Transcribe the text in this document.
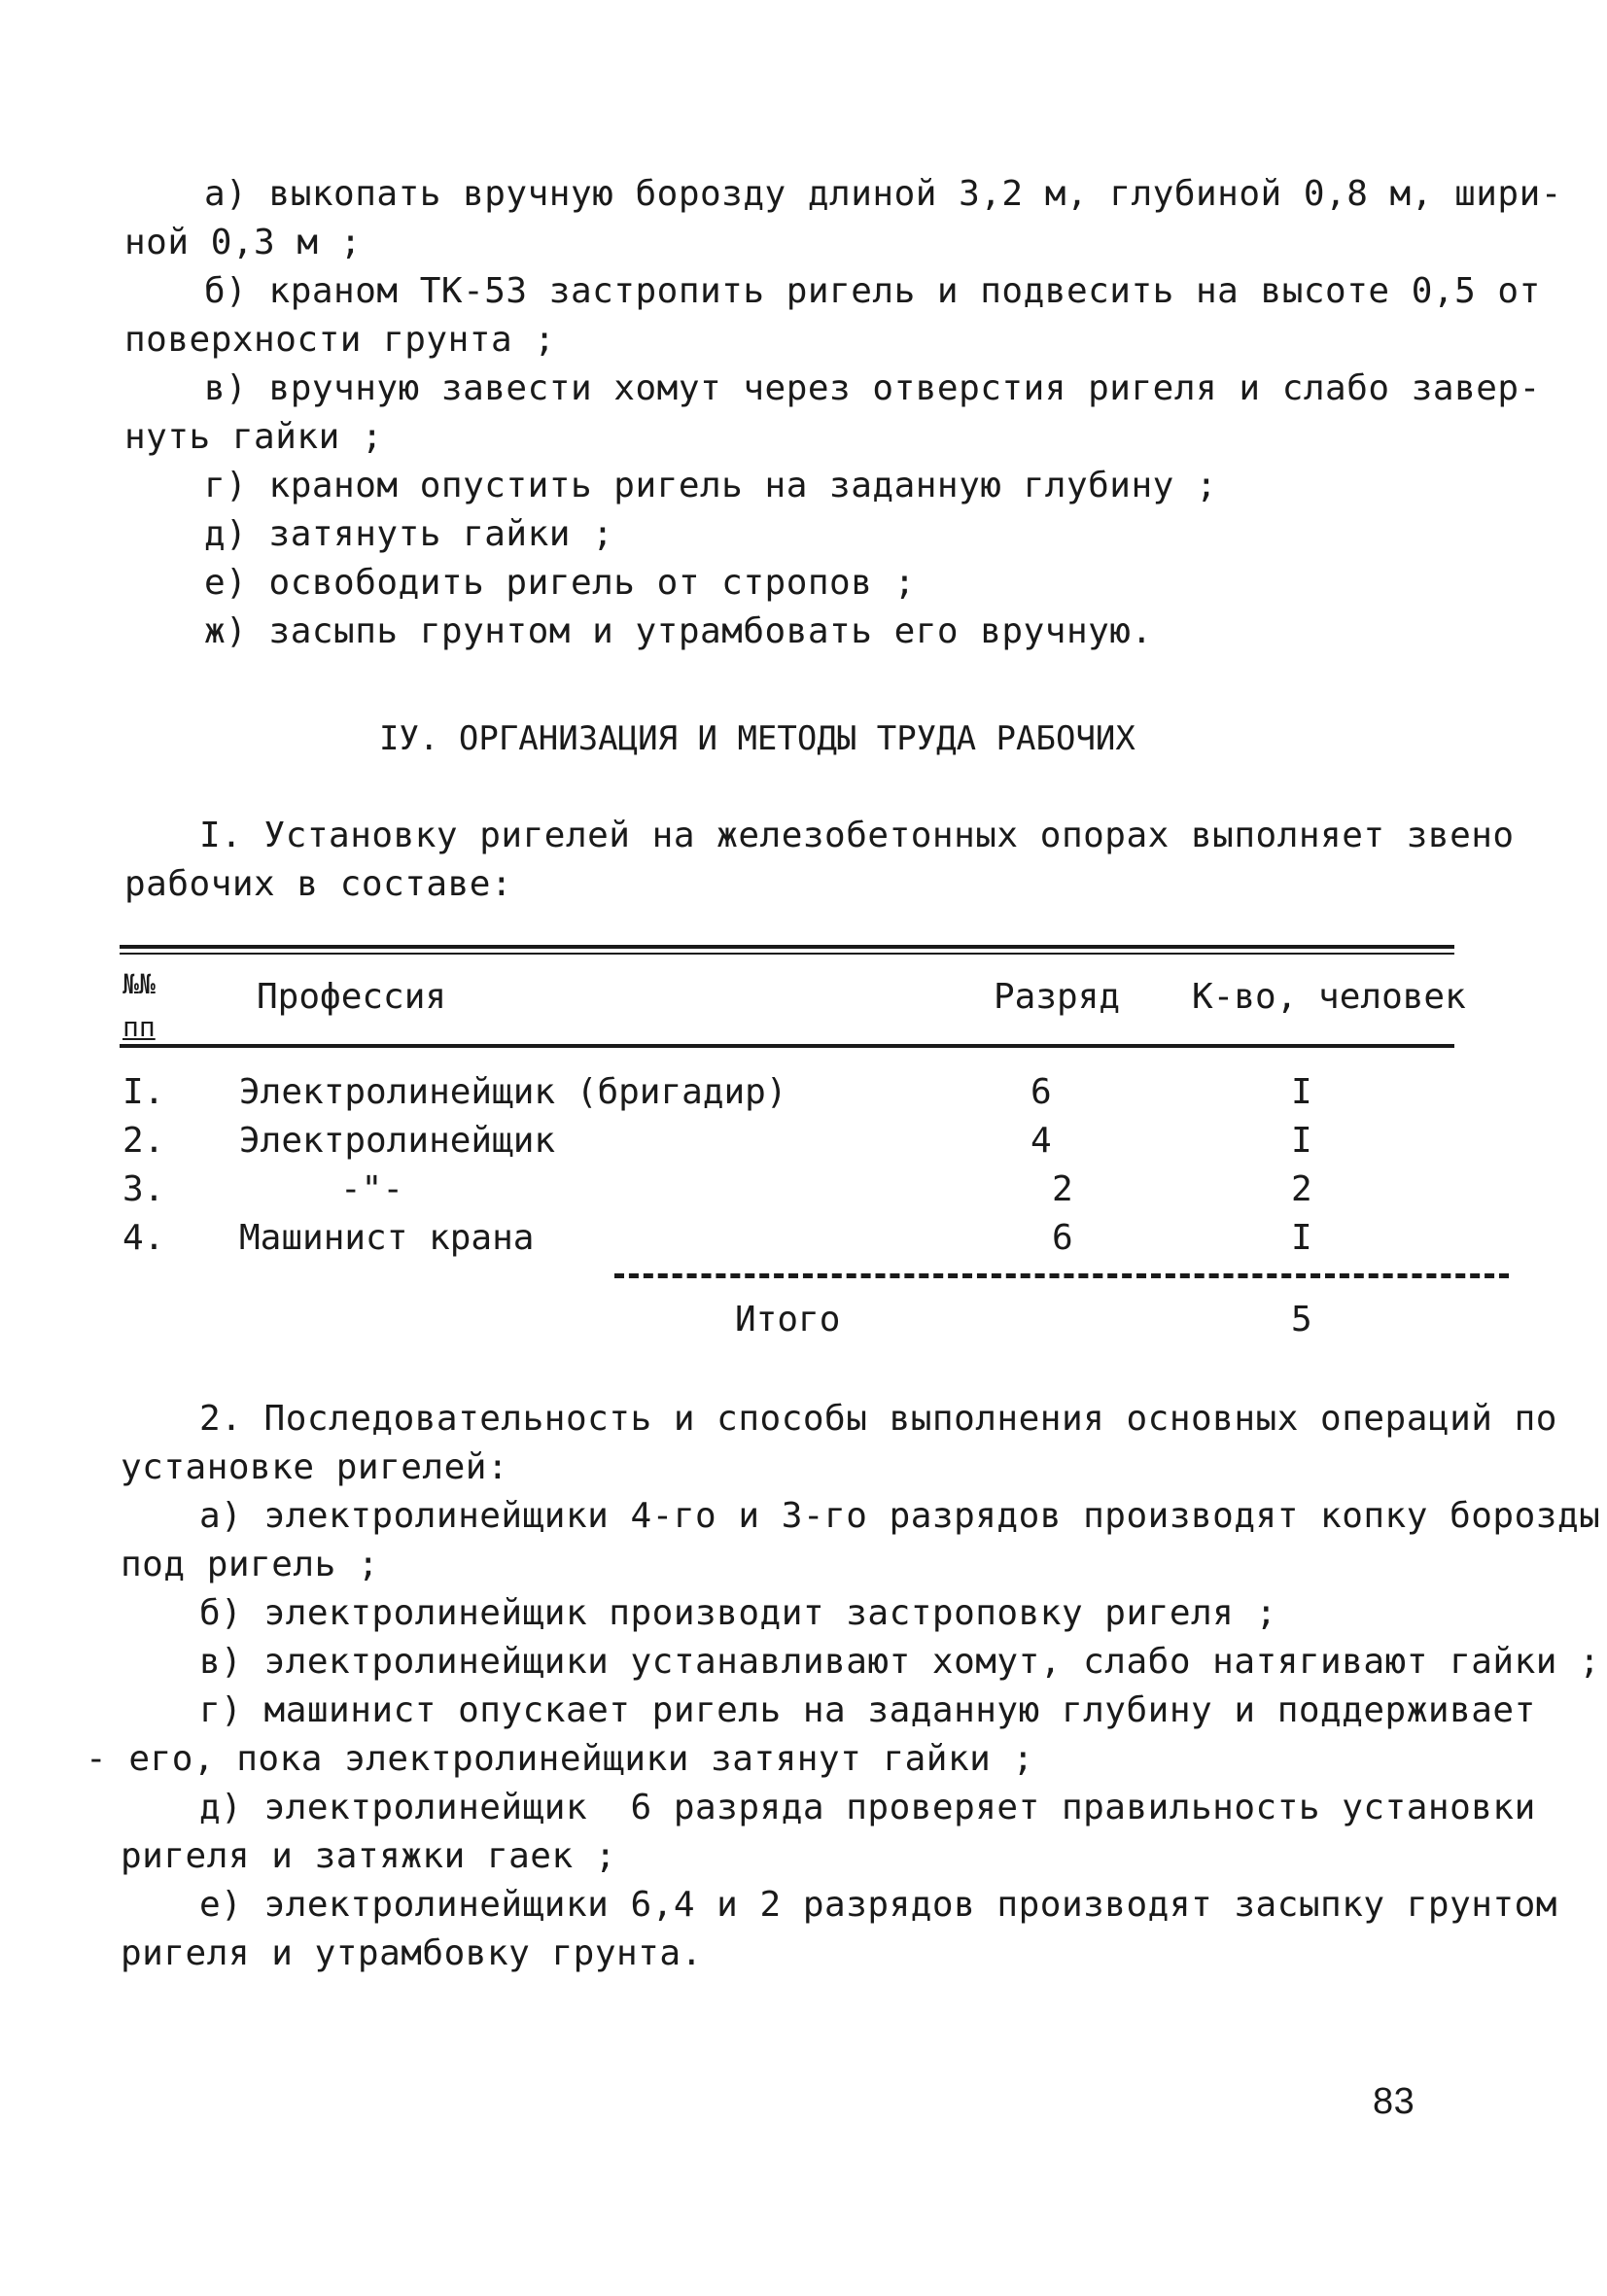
а) выкопать вручную борозду длиной 3,2 м, глубиной 0,8 м, шири-
ной 0,3 м ;
б) краном ТК-53 застропить ригель и подвесить на высоте 0,5 от
поверхности грунта ;
в) вручную завести хомут через отверстия ригеля и слабо завер-
нуть гайки ;
г) краном опустить ригель на заданную глубину ;
д) затянуть гайки ;
е) освободить ригель от стропов ;
ж) засыпь грунтом и утрамбовать его вручную.
IУ. ОРГАНИЗАЦИЯ И МЕТОДЫ ТРУДА РАБОЧИХ
I. Установку ригелей на железобетонных опорах выполняет звено
рабочих в составе:
№№
пп
Профессия	Разряд К-во, человек
I. Электролинейщик (бригадир)	6	I
2. Электролинейщик	4	I
3.	-"-	2	2
4. Машинист крана	6	I
Итого	5
2. Последовательность и способы выполнения основных операций по
установке ригелей:
а) электролинейщики 4-го и 3-го разрядов производят копку борозды
под ригель ;
б) электролинейщик производит застроповку ригеля ;
в) электролинейщики устанавливают хомут, слабо натягивают гайки ;
г) машинист опускает ригель на заданную глубину и поддерживает
- его, пока электролинейщики затянут гайки ;
д) электролинейщик  6 разряда проверяет правильность установки
ригеля и затяжки гаек ;
е) электролинейщики 6,4 и 2 разрядов производят засыпку грунтом
ригеля и утрамбовку грунта.
83
